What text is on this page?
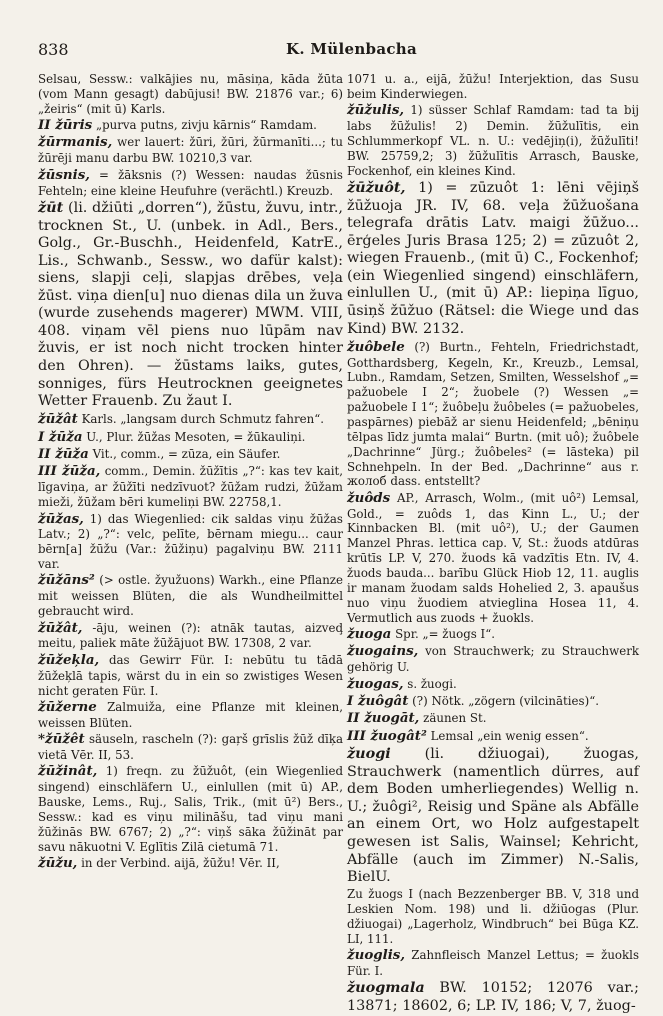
838	K. Mülenbacha

Selsau, Sessw.: valkājies nu, māsiņa, kāda žūta (vom Mann gesagt) dabūjusi! BW. 21876 var.; 6) „žeiris“ (mit ū) Karls.

II žūris „purva putns, zivju kārnis“ Ramdam.

žūrmanis, wer lauert: žūri, žūri, žūrmanīti...; tu žūrēji manu darbu BW. 10210,3 var.

žūsnis, = žāksnis (?) Wessen: naudas žūsnis Fehteln; eine kleine Heufuhre (verächtl.) Kreuzb.

žūt (li. džiūti „dorren“), žūstu, žuvu, intr., trocknen St., U. (unbek. in Adl., Bers., Golg., Gr.-Buschh., Heidenfeld, KatrE., Lis., Schwanb., Sessw., wo dafür kalst): siens, slapji ceļi, slapjas drēbes, veļa žūst. viņa dien[u] nuo dienas dila un žuva (wurde zusehends magerer) MWM. VIII, 408. viņam vēl piens nuo lūpām nav žuvis, er ist noch nicht trocken hinter den Ohren). — žūstams laiks, gutes, sonniges, fürs Heutrocknen geeignetes Wetter Frauenb. Zu žaut I.

žūžât Karls. „langsam durch Schmutz fahren“.

I žūža U., Plur. žūžas Mesoten, = žūkauliņi.

II žūža Vit., comm., = zūza, ein Säufer.

III žūža, comm., Demin. žūžītis „?“: kas tev kait, līgaviņa, ar žūžīti nedzīvuot? žūžam rudzi, žūžam mieži, žūžam bēri kumeliņi BW. 22758,1.

žūžas, 1) das Wiegenlied: cik saldas viņu žūžas Latv.; 2) „?“: velc, pelīte, bērnam miegu... caur bērn[a] žūžu (Var.: žūžiņu) pagalviņu BW. 2111 var.

žūžāns² (> ostle. žyužuons) Warkh., eine Pflanze mit weissen Blüten, die als Wundheilmittel gebraucht wird.

žūžât, -āju, weinen (?): atnāk tautas, aizveḑ meitu, paliek māte žūžājuot BW. 17308, 2 var.

žūžeķla, das Gewirr Für. I: nebūtu tu tādā žūžeķlā tapis, wärst du in ein so zwistiges Wesen nicht geraten Für. I.

žūžerne Zalmuiža, eine Pflanze mit kleinen, weissen Blüten.

*žūžêt säuseln, rascheln (?): gaŗš grīslis žūž dīķa vietā Vēr. II, 53.

žūžinât, 1) freqn. zu žūžuôt, (ein Wiegenlied singend) einschläfern U., einlullen (mit ū) AP., Bauske, Lems., Ruj., Salis, Trik., (mit ū²) Bers., Sessw.: kad es viņu milināšu, tad viņu mani žūžinās BW. 6767; 2) „?“: viņš sāka žūžināt par savu nākuotni V. Eglītis Zilā cietumā 71.

žūžu, in der Verbind. aijā, žūžu! Vēr. II,

1071 u. a., eijā, žūžu! Interjektion, das Susu beim Kinderwiegen.

žūžulis, 1) süsser Schlaf Ramdam: tad ta bij labs žūžulis! 2) Demin. žūžulītis, ein Schlummerkopf VL. n. U.: vedējiņ(i), žūžulīti! BW. 25759,2; 3) žūžulītis Arrasch, Bauske, Fockenhof, ein kleines Kind.

žūžuôt, 1) = zūzuôt 1: lēni vējiņš žūžuoja JR. IV, 68. veļa žūžuošana telegrafa drātis Latv. maigi žūžuo... ērģeles Juris Brasa 125; 2) = zūzuôt 2, wiegen Frauenb., (mit ū) C., Fockenhof; (ein Wiegenlied singend) einschläfern, einlullen U., (mit ū) AP.: liepiņa līguo, ūsiņš žūžuo (Rätsel: die Wiege und das Kind) BW. 2132.

žuôbele (?) Burtn., Fehteln, Friedrichstadt, Gotthardsberg, Kegeln, Kr., Kreuzb., Lemsal, Lubn., Ramdam, Setzen, Smilten, Wesselshof „= pažuobele I 2“; žuobele (?) Wessen „= pažuobele I 1“; žuôbeļu žuôbeles (= pažuobeles, paspārnes) piebāž ar sienu Heidenfeld; „bēniņu tēlpas līdz jumta malai“ Burtn. (mit uô); žuôbele „Dachrinne“ Jürg.; žuôbeles² (= lāsteka) pil Schnehpeln. In der Bed. „Dachrinne“ aus r. жолоб dass. entstellt?

žuôds AP., Arrasch, Wolm., (mit uô²) Lemsal, Gold., = zuôds 1, das Kinn L., U.; der Kinnbacken Bl. (mit uô²), U.; der Gaumen Manzel Phras. lettica cap. V, St.: žuods atdūras krūtīs LP. V, 270. žuods kā vadzītis Etn. IV, 4. žuods bauda... barību Glück Hiob 12, 11. auglis ir manam žuodam salds Hohelied 2, 3. apaušus nuo viņu žuodiem atvieglina Hosea 11, 4. Vermutlich aus zuods + žuokls.

žuoga Spr. „= žuogs I“.

žuogains, von Strauchwerk; zu Strauchwerk gehörig U.

žuogas, s. žuogi.

I žuôgât (?) Nötk. „zögern (vilcināties)“.

II žuogāt, zäunen St.

III žuogât² Lemsal „ein wenig essen“.

žuogi (li. džiuogai), žuogas, Strauchwerk (namentlich dürres, auf dem Boden umherliegendes) Wellig n. U.; žuôgi², Reisig und Späne als Abfälle an einem Ort, wo Holz aufgestapelt gewesen ist Salis, Wainsel; Kehricht, Abfälle (auch im Zimmer) N.-Salis, BielU.

Zu žuogs I (nach Bezzenberger BB. V, 318 und Leskien Nom. 198) und li. džiūogas (Plur. džiuogai) „Lagerholz, Windbruch“ bei Būga KZ. LI, 111.

žuoglis, Zahnfleisch Manzel Lettus; = žuokls Für. I.

žuogmala BW. 10152; 12076 var.; 13871; 18602, 6; LP. IV, 186; V, 7, žuog-
